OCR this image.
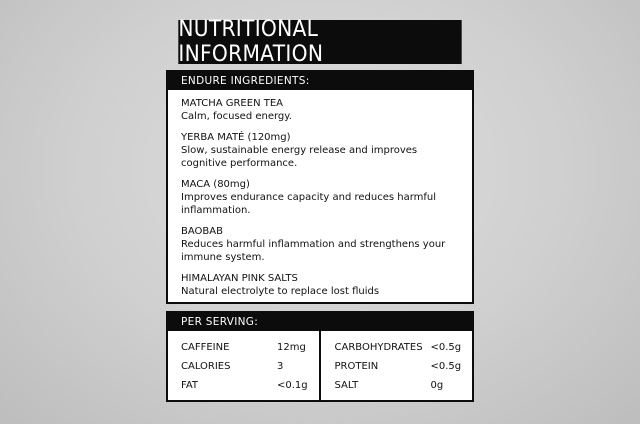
NUTRITIONAL INFORMATION
ENDURE INGREDIENTS:
MATCHA GREEN TEA
Calm, focused energy.
YERBA MATÉ (120mg)
Slow, sustainable energy release and improves cognitive performance.
MACA (80mg)
Improves endurance capacity and reduces harmful inflammation.
BAOBAB
Reduces harmful inflammation and strengthens your immune system.
HIMALAYAN PINK SALTS
Natural electrolyte to replace lost fluids
PER SERVING:
CAFFEINE	12mg
CALORIES	3
FAT	<0.1g
CARBOHYDRATES <0.5g
PROTEIN	<0.5g
SALT	0g
